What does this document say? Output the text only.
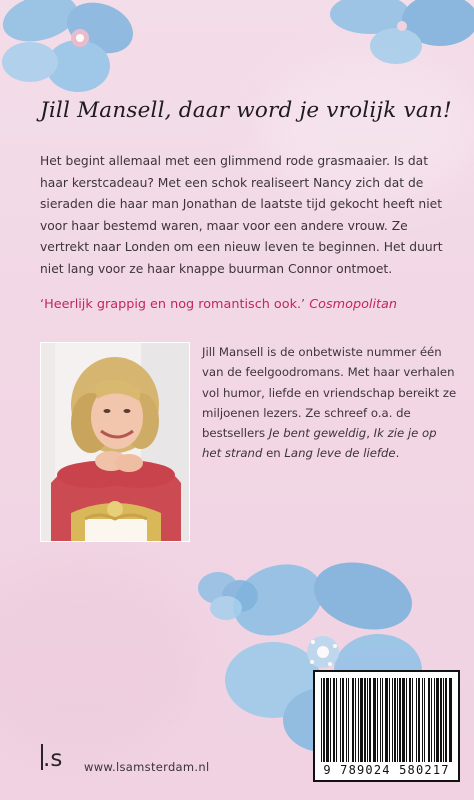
Jill Mansell, daar word je vrolijk van!

Het begint allemaal met een glimmend rode grasmaaier. Is dat haar kerstcadeau? Met een schok realiseert Nancy zich dat de sieraden die haar man Jonathan de laatste tijd gekocht heeft niet voor haar bestemd waren, maar voor een andere vrouw. Ze vertrekt naar Londen om een nieuw leven te beginnen. Het duurt niet lang voor ze haar knappe buurman Connor ontmoet.

‘Heerlijk grappig en nog romantisch ook.’ Cosmopolitan

Jill Mansell is de onbetwiste nummer één van de feelgoodromans. Met haar verhalen vol humor, liefde en vriendschap bereikt ze miljoenen lezers. Ze schreef o.a. de bestsellers Je bent geweldig, Ik zie je op het strand en Lang leve de liefde.

9 789024 580217
.s www.lsamsterdam.nl
